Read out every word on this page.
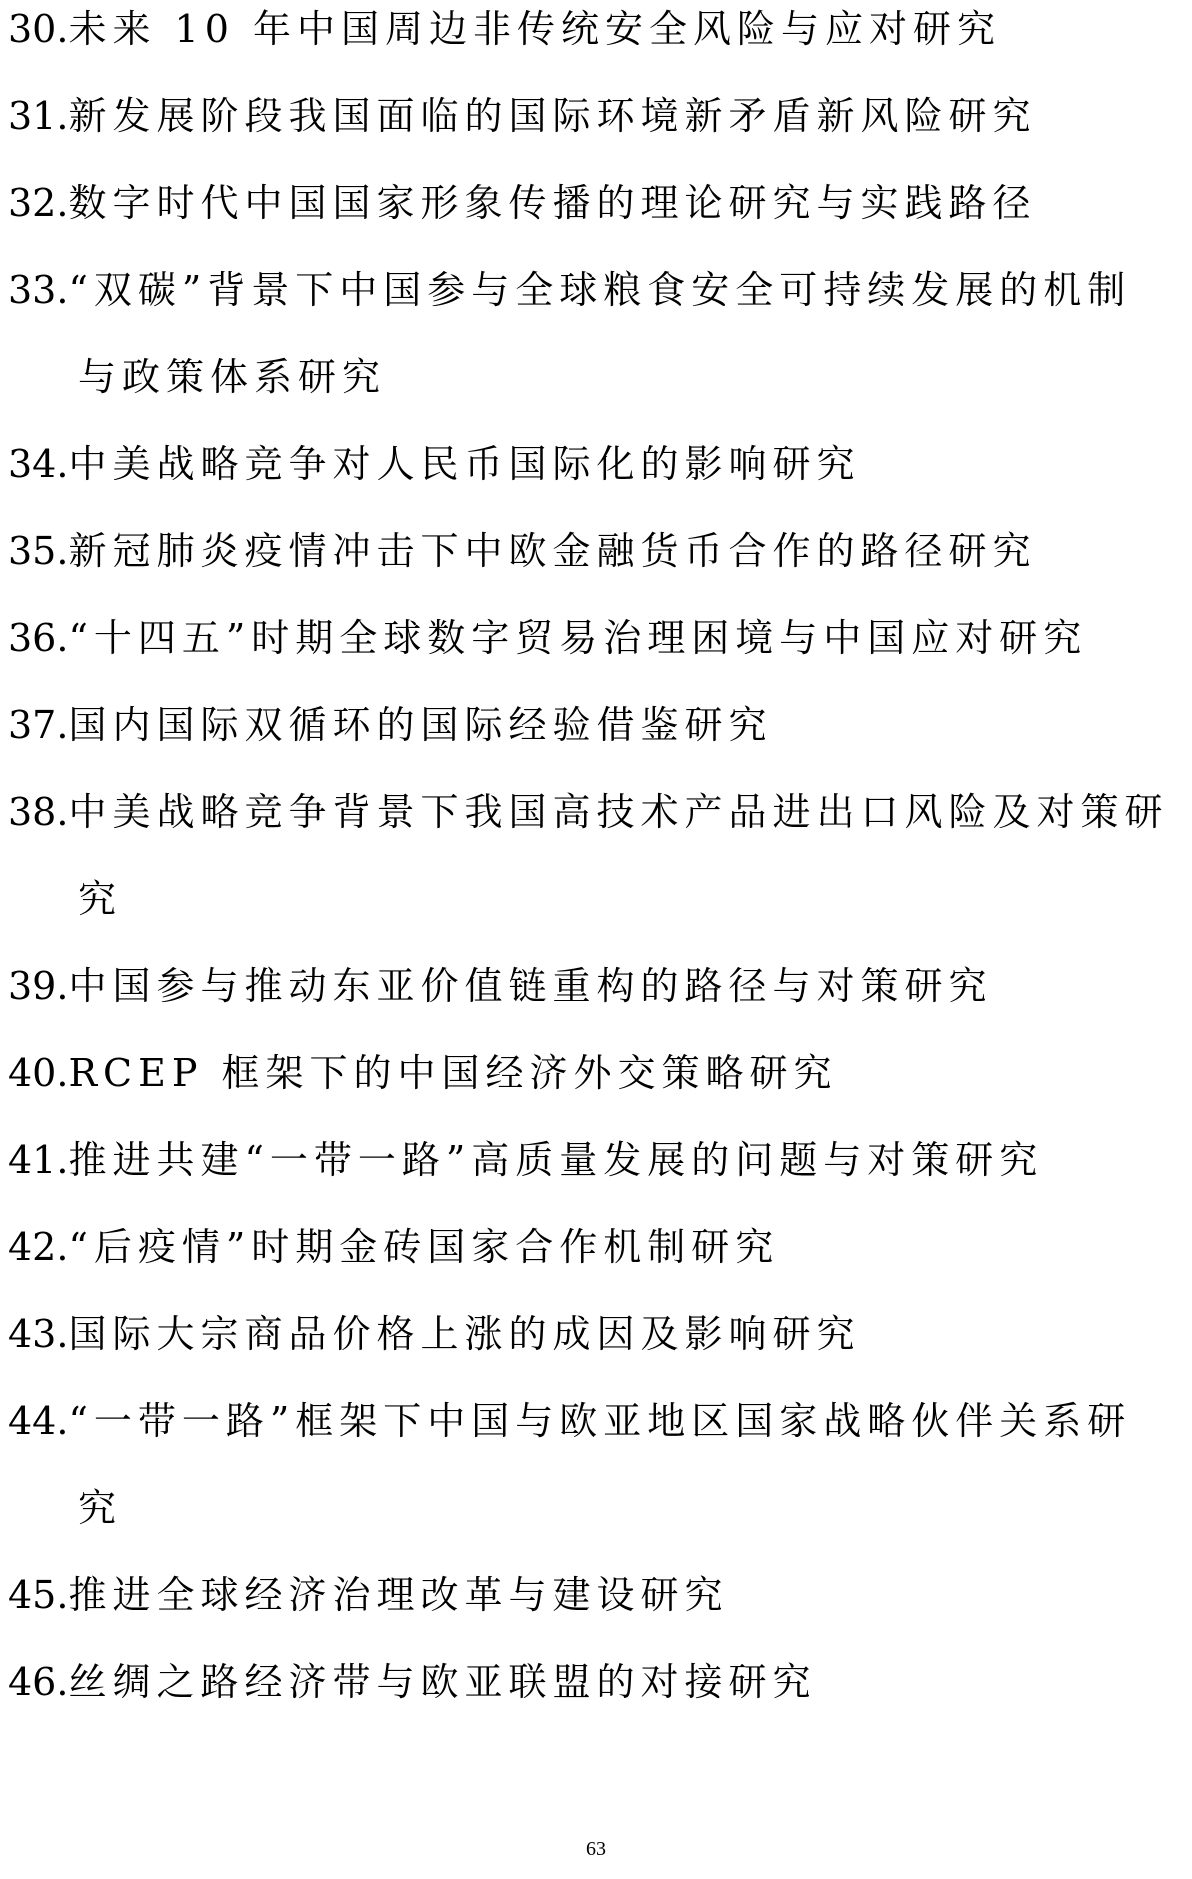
30.未来 10 年中国周边非传统安全风险与应对研究
31.新发展阶段我国面临的国际环境新矛盾新风险研究
32.数字时代中国国家形象传播的理论研究与实践路径
33.“双碳”背景下中国参与全球粮食安全可持续发展的机制
与政策体系研究
34.中美战略竞争对人民币国际化的影响研究
35.新冠肺炎疫情冲击下中欧金融货币合作的路径研究
36.“十四五”时期全球数字贸易治理困境与中国应对研究
37.国内国际双循环的国际经验借鉴研究
38.中美战略竞争背景下我国高技术产品进出口风险及对策研
究
39.中国参与推动东亚价值链重构的路径与对策研究
40.RCEP 框架下的中国经济外交策略研究
41.推进共建“一带一路”高质量发展的问题与对策研究
42.“后疫情”时期金砖国家合作机制研究
43.国际大宗商品价格上涨的成因及影响研究
44.“一带一路”框架下中国与欧亚地区国家战略伙伴关系研
究
45.推进全球经济治理改革与建设研究
46.丝绸之路经济带与欧亚联盟的对接研究
63
